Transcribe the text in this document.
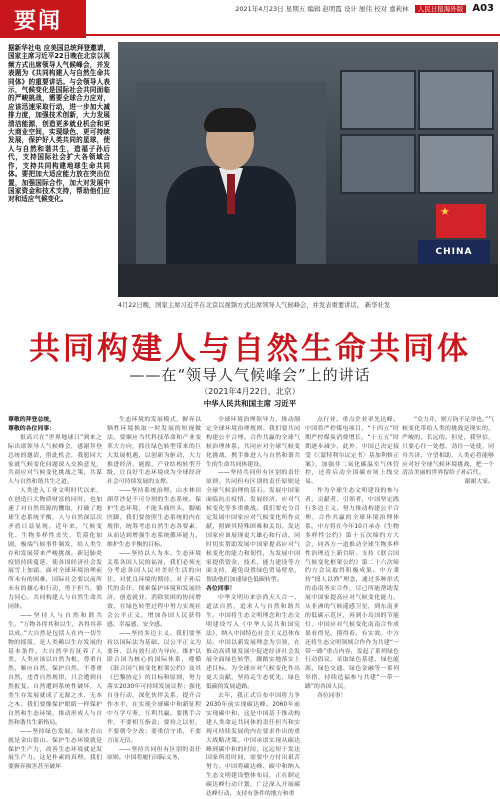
要闻	2021年4月23日 星期五 编辑 赵明霞 设计 厘伟 校对 嘉莉林 人民日报海外版 A03
据新华社电 应美国总统拜登邀请，国家主席习近平22日晚在北京以视频方式出席领导人气候峰会，并发表题为《共同构建人与自然生命共同体》的重要讲话。与会领导人表示，气候变化是国际社会共同面临的严峻挑战，需要全球合力应对，应该迅速采取行动，进一步加大减排力度，加强技术创新，大力发展清洁能源，创造更多就业机会和更大商业空间，实现绿色、更可持续发展，保护好人类共同的星球，使人与自然和谐共生，造福子孙后代，支持国际社会扩大各领域合作，支持共同构建地球生命共同体。要把加大适应能力放在突出位置，加强国际合作，加大对发展中国家资金和技术支持，帮助他们应对和适应气候变化。
★
CHINA
4月22日晚，国家主席习近平在北京以视频方式出席领导人气候峰会，并发表重要讲话。 新华社发
共同构建人与自然生命共同体
——在“领导人气候峰会”上的讲话
（2021年4月22日，北京）
中华人民共和国主席 习近平

尊敬的拜登总统，

尊敬的各位同事：

很高兴在“世界地球日”到来之际出席领导人气候峰会，感谢拜登总统的邀请，借此机会，我愿同大家就气候变化问题深入交换意见，共商应对气候变化挑战之策，共谋人与自然和谐共生之道。

人类进入工业文明时代以来，在创造巨大物质财富的同时，也加速了对自然资源的攫取，打破了地球生态系统平衡，人与自然深层次矛盾日益显现。近年来，气候变化、生物多样性丧失、荒漠化加剧、极端气候事件频发，给人类生存和发展带来严峻挑战。新冠肺炎疫情持续蔓延，使各国经济社会发展雪上加霜。面对全球环境治理前所未有的困难，国际社会要以前所未有的雄心和行动，勇于担当，勠力同心，共同构建人与自然生命共同体。

——坚持人与自然和谐共生。“万物各得其和以生，各得其养以成。”大自然是包括人在内一切生物的摇篮，是人类赖以生存发展的基本条件。大自然孕育抚养了人类，人类应该以自然为根，尊重自然、顺应自然、保护自然。不尊重自然，违背自然规律，只会遭到自然报复。自然遭到系统性破坏，人类生存发展就成了无源之水、无本之木。我们要像保护眼睛一样保护自然和生态环境，推动形成人与自然和谐共生新格局。

——坚持绿色发展。绿水青山就是金山银山。保护生态环境就是保护生产力，改善生态环境就是发展生产力。这是朴素的真理。我们要摒弃损害甚至破坏

生态环境的发展模式，摒弃以牺牲环境换取一时发展的短视做法。要顺应当代科技革命和产业变革大方向，抓住绿色转型带来的巨大发展机遇，以创新为驱动，大力推进经济、能源、产业结构转型升级，让良好生态环境成为全球经济社会可持续发展的支撑。

——坚持系统治理。山水林田湖草沙是不可分割的生态系统。保护生态环境，不能头痛医头、脚痛医脚。我们要按照生态系统的内在规律，统筹考虑自然生态各要素，从而达到增强生态系统循环能力、维护生态平衡的目标。

——坚持以人为本。生态环境关系各国人民的福祉，我们必须充分考虑各国人民对美好生活的向往、对优良环境的期待、对子孙后代的责任，探索保护环境和发展经济、创造就业、消除贫困的协同增效，在绿色转型过程中努力实现社会公平正义，增加各国人民获得感、幸福感、安全感。

——坚持多边主义。我们要坚持以国际法为基础、以公平正义为要旨、以有效行动为导向，维护以联合国为核心的国际体系，遵循《联合国气候变化框架公约》及其《巴黎协定》的目标和原则，努力落实2030年可持续发展议程；强化自身行动，深化伙伴关系，提升合作水平，在实现全球碳中和新征程中互学互鉴、互利共赢。要携手合作，不要相互指责；要持之以恒，不要朝令夕改；要重信守诺，不要言而无信。

——坚持共同但有区别的责任原则。中国将履行国际义务，

全球环境治理领导力，推动制定全球环境治理规则。我们要共同构建公平合理、合作共赢的全球气候治理体系，共同应对全球气候变化挑战，携手推进人与自然和谐共生的生命共同体建设。

——坚持共同但有区别的责任原则。共同但有区别的责任原则是全球气候治理的基石。发展中国家面临抗击疫情、发展经济、应对气候变化等多重挑战。我们要充分肯定发展中国家应对气候变化所作贡献，照顾其特殊困难和关切。发达国家应该展现更大雄心和行动，同时切实帮助发展中国家提高应对气候变化的能力和韧性，为发展中国家提供资金、技术、能力建设等方面支持，避免设置绿色贸易壁垒，帮助他们加速绿色低碳转型。

各位同事！

中华文明历来崇尚天人合一、道法自然，追求人与自然和谐共生。中国将生态文明理念和生态文明建设写入《中华人民共和国宪法》，纳入中国特色社会主义总体布局。中国以新发展理念为引领，在推动高质量发展中促进经济社会发展全面绿色转型，脚踏实地落实上述目标，为全球应对气候变化作出更大贡献。坚持走生态优先、绿色低碳的发展道路。

去年，我正式宣布中国将力争2030年前实现碳达峰、2060年前实现碳中和，这是中国基于推动构建人类命运共同体的责任担当和实现可持续发展的内在要求作出的重大战略决策。中国承诺实现从碳达峰到碳中和的时间，远远短于发达国家所用时间，需要中方付出艰苦努力。中国将碳达峰、碳中和纳入生态文明建设整体布局，正在制定碳达峰行动计划，广泛深入开展碳达峰行动，支持有条件的地方和重

点行业、重点企业率先达峰。中国将严控煤电项目，“十四五”时期严控煤炭消费增长、“十五五”时期逐步减少。此外，中国已决定接受《〈蒙特利尔议定书〉基加利修正案》，加强非二氧化碳温室气体管控，还将启动全国碳市场上线交易。

作为全球生态文明建设的参与者、贡献者、引领者，中国坚定践行多边主义，努力推动构建公平合理、合作共赢的全球环境治理体系。中方将在今年10月承办《生物多样性公约》第十五次缔约方大会，同各方一道推动全球生物多样性治理迈上新台阶。支持《联合国气候变化框架公约》第二十六次缔约方会议取得积极成果。中方秉持“授人以渔”理念，通过多种形式的南南务实合作，尽己所能帮助发展中国家提高应对气候变化能力。从非洲的气候遥感卫星，到东南亚的低碳示范区，再到小岛国的节能灯，中国应对气候变化南南合作成果看得见、摸得着、有实效。中方还将生态文明领域合作作为共建“一带一路”重点内容，发起了系列绿色行动倡议，采取绿色基建、绿色能源、绿色交通、绿色金融等一系列举措，持续造福参与共建“一带一路”的各国人民。

各位同事！

“众力并，则万钧不足举也。”气候变化带给人类的挑战是现实的、严峻的、长远的。但是，我坚信，只要心往一处想、劲往一处使，同舟共济、守望相助，人类必将能够应对好全球气候环境挑战，把一个清洁美丽的世界留给子孙后代。

谢谢大家。
